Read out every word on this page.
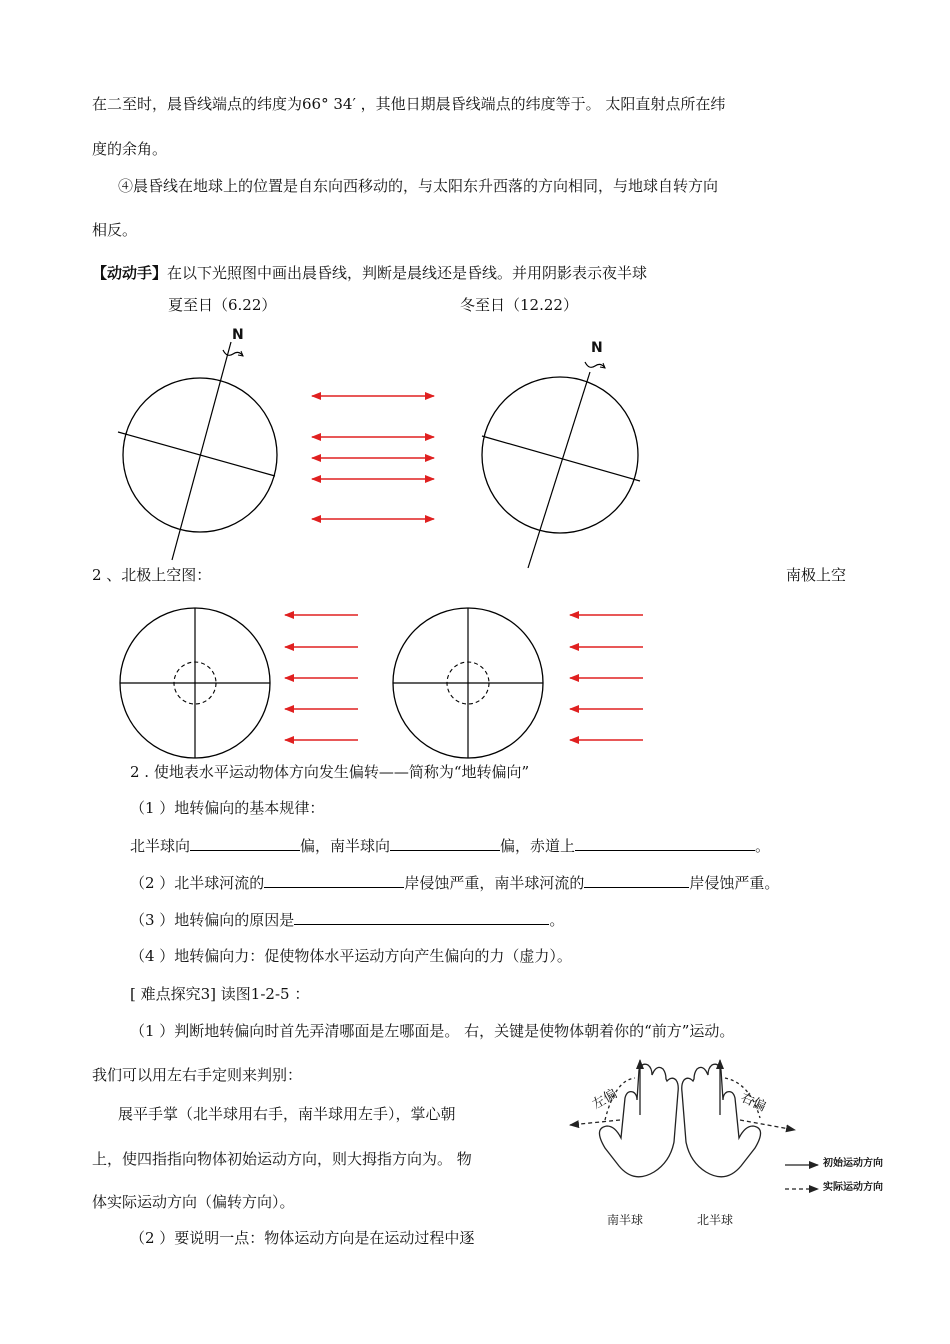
在二至时，晨昏线端点的纬度为66° 34′ ，其他日期晨昏线端点的纬度等于。 太阳直射点所在纬
度的余角。
④晨昏线在地球上的位置是自东向西移动的，与太阳东升西落的方向相同，与地球自转方向
相反。
【动动手】在以下光照图中画出晨昏线，判断是晨线还是昏线。并用阴影表示夜半球
夏至日（6.22）	冬至日（12.22）
N
N
2 、北极上空图：	南极上空
2 . 使地表水平运动物体方向发生偏转——简称为“地转偏向”
（1 ）地转偏向的基本规律：
北半球向	偏，南半球向	偏，赤道上	。
（2 ）北半球河流的	岸侵蚀严重，南半球河流的	岸侵蚀严重。
（3 ）地转偏向的原因是	。
（4 ）地转偏向力：促使物体水平运动方向产生偏向的力（虚力）。
[ 难点探究3] 读图1-2-5 ：
（1 ）判断地转偏向时首先弄清哪面是左哪面是。 右，关键是使物体朝着你的“前方”运动。
我们可以用左右手定则来判别：
展平手掌（北半球用右手，南半球用左手），掌心朝
上，使四指指向物体初始运动方向，则大拇指方向为。 物
体实际运动方向（偏转方向）。
（2 ）要说明一点：物体运动方向是在运动过程中逐
左偏	右偏
南半球	北半球
初始运动方向
实际运动方向
